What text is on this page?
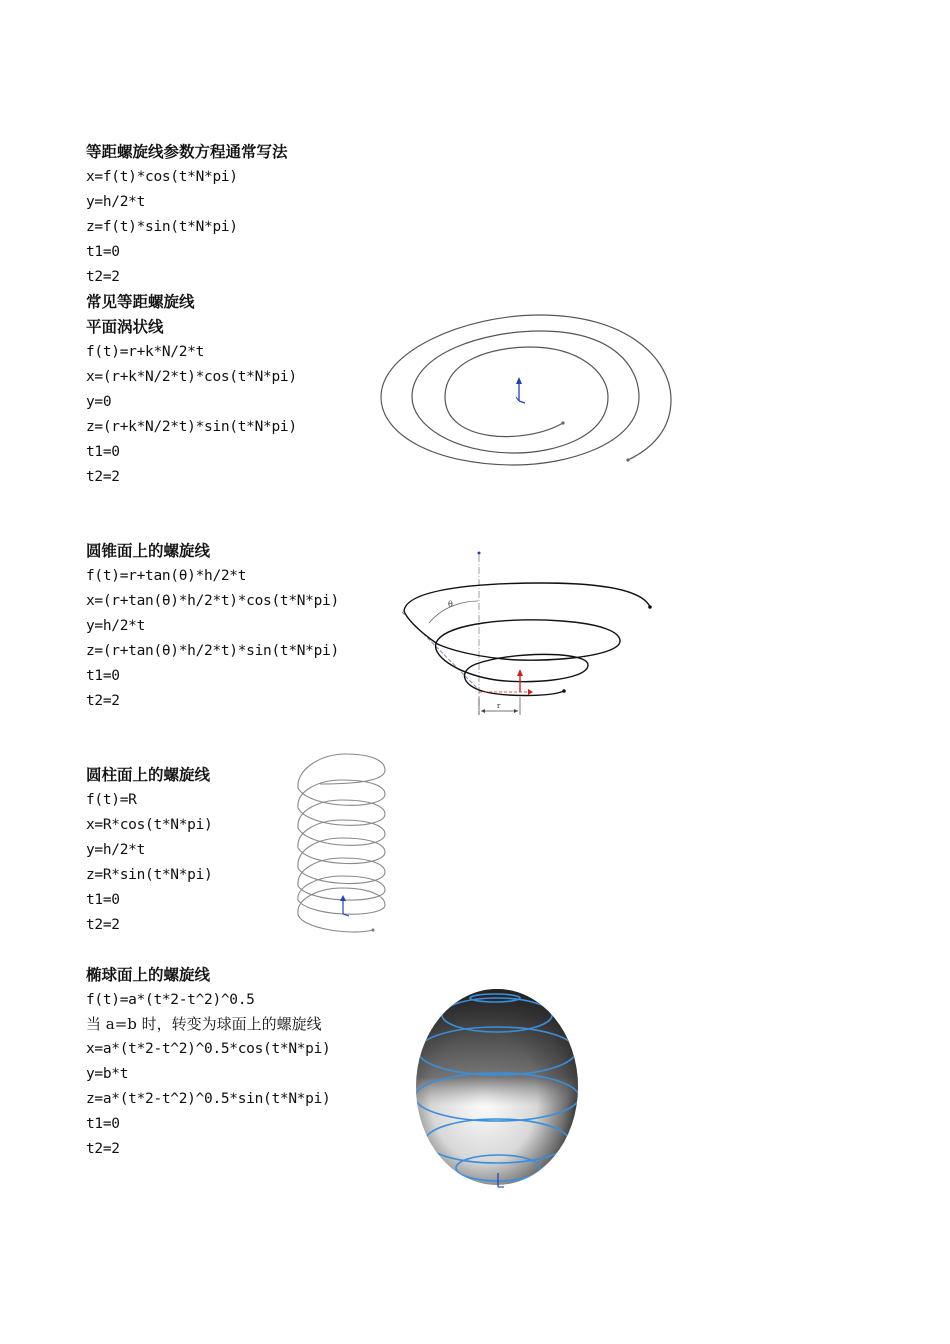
等距螺旋线参数方程通常写法
x=f(t)*cos(t*N*pi)
y=h/2*t
z=f(t)*sin(t*N*pi)
t1=0
t2=2
常见等距螺旋线
平面涡状线
f(t)=r+k*N/2*t
x=(r+k*N/2*t)*cos(t*N*pi)
y=0
z=(r+k*N/2*t)*sin(t*N*pi)
t1=0
t2=2
圆锥面上的螺旋线
f(t)=r+tan(θ)*h/2*t
x=(r+tan(θ)*h/2*t)*cos(t*N*pi)
y=h/2*t
z=(r+tan(θ)*h/2*t)*sin(t*N*pi)
t1=0
t2=2
θ
r
圆柱面上的螺旋线
f(t)=R
x=R*cos(t*N*pi)
y=h/2*t
z=R*sin(t*N*pi)
t1=0
t2=2
椭球面上的螺旋线
f(t)=a*(t*2-t^2)^0.5
当 a=b 时，转变为球面上的螺旋线
x=a*(t*2-t^2)^0.5*cos(t*N*pi)
y=b*t
z=a*(t*2-t^2)^0.5*sin(t*N*pi)
t1=0
t2=2
